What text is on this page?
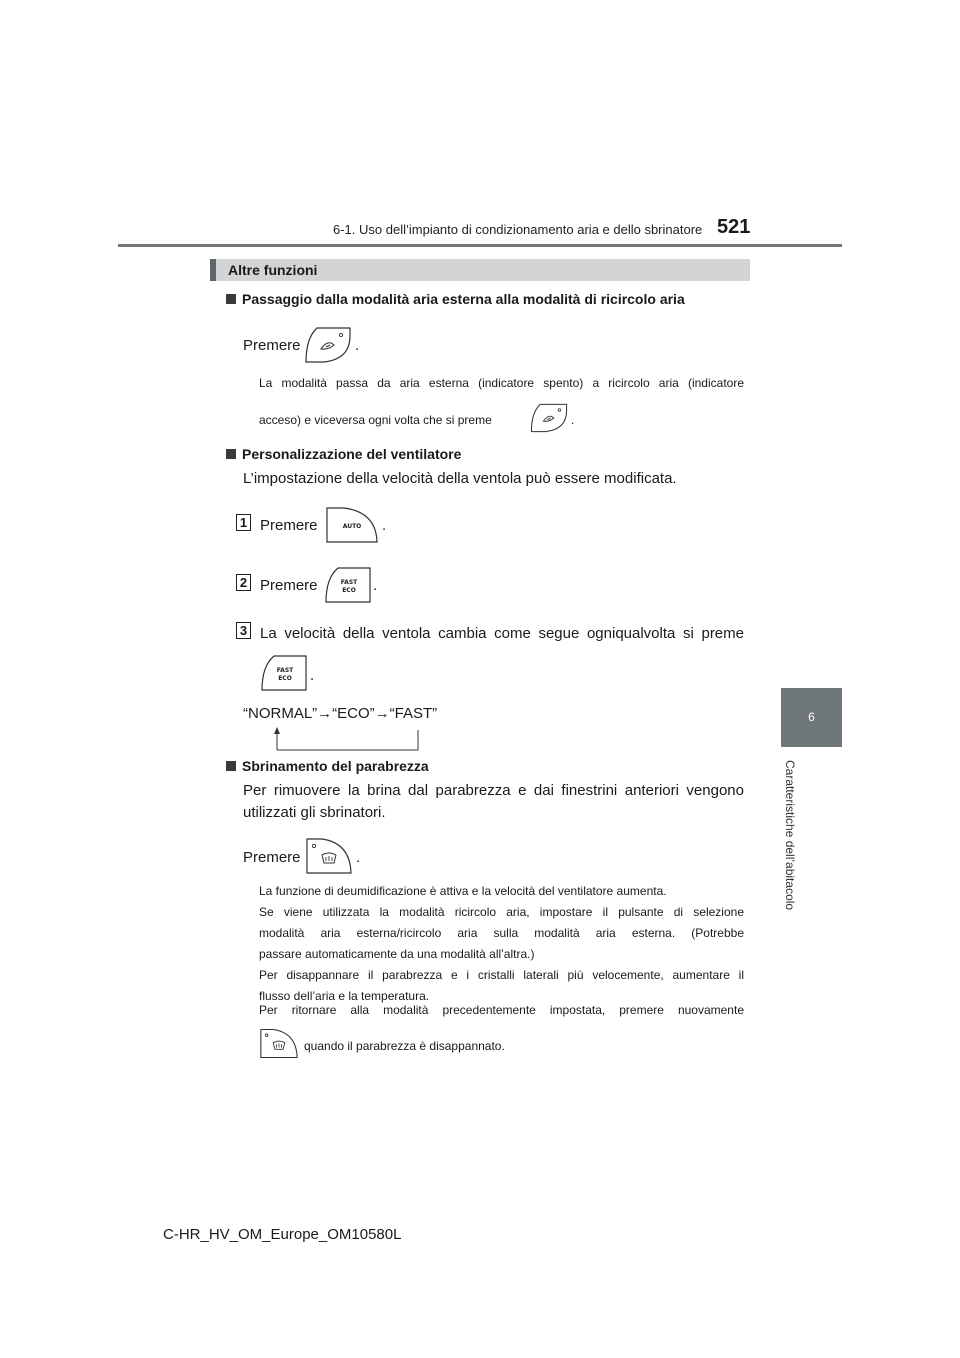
6-1. Uso dell’impianto di condizionamento aria e dello sbrinatore 521
6
Caratteristiche dell’abitacolo
Altre funzioni
Passaggio dalla modalità aria esterna alla modalità di ricircolo aria
Premere	.
La modalità passa da aria esterna (indicatore spento) a ricircolo aria (indicatore
acceso) e viceversa ogni volta che si preme	.
Personalizzazione del ventilatore
L’impostazione della velocità della ventola può essere modificata.
1 Premere	AUTO .
2 Premere	FAST
ECO .
3 La velocità della ventola cambia come segue ogniqualvolta si preme
FAST
ECO .
“NORMAL”→“ECO”→“FAST”
Sbrinamento del parabrezza
Per rimuovere la brina dal parabrezza e dai finestrini anteriori vengono
utilizzati gli sbrinatori.
Premere	.
La funzione di deumidificazione è attiva e la velocità del ventilatore aumenta.
Se viene utilizzata la modalità ricircolo aria, impostare il pulsante di selezione
modalità aria esterna/ricircolo aria sulla modalità aria esterna. (Potrebbe
passare automaticamente da una modalità all’altra.)
Per disappannare il parabrezza e i cristalli laterali più velocemente, aumentare il
flusso dell’aria e la temperatura.
Per ritornare alla modalità precedentemente impostata, premere nuovamente
quando il parabrezza è disappannato.
C-HR_HV_OM_Europe_OM10580L
